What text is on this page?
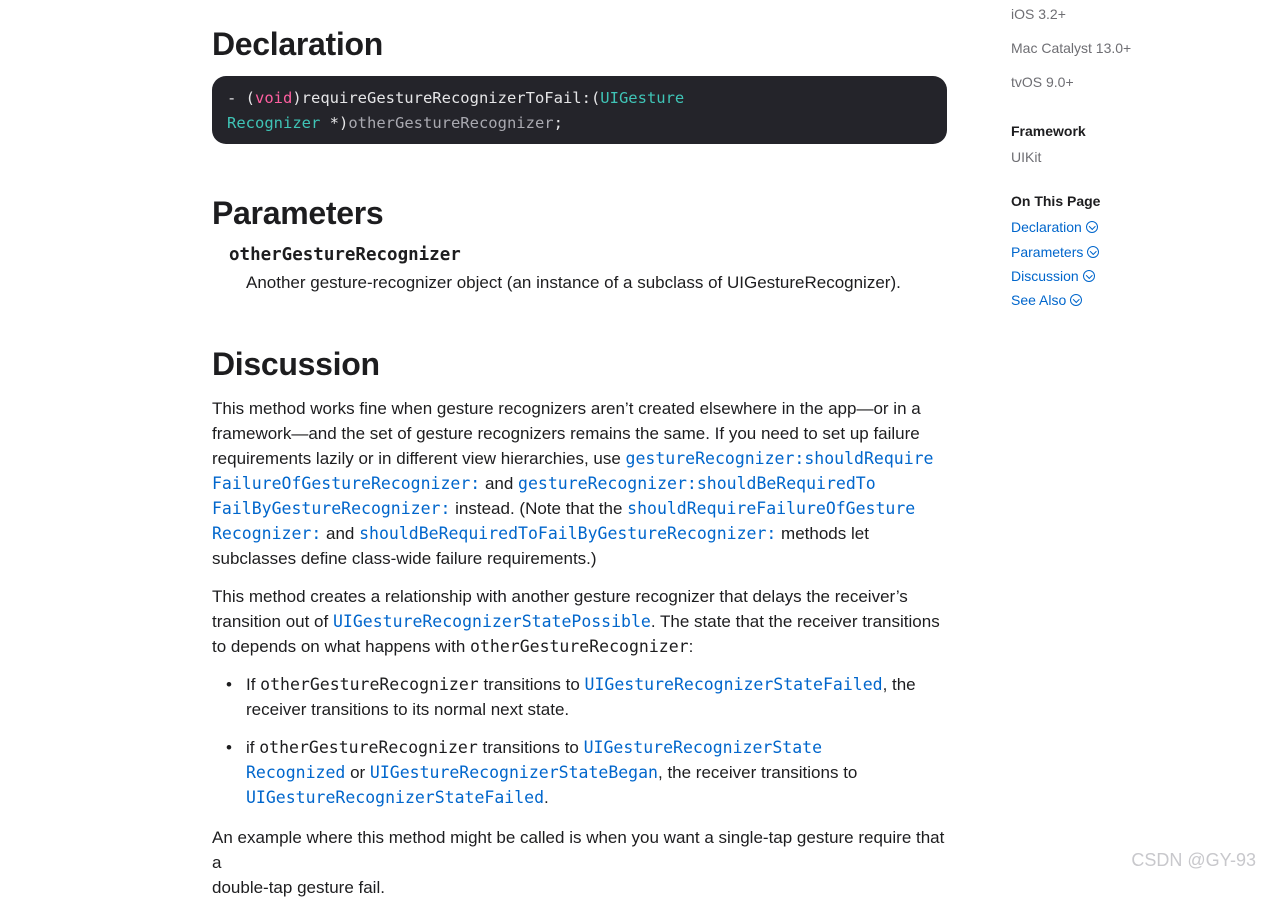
Declaration
- (void)requireGestureRecognizerToFail:(UIGesture
Recognizer *)otherGestureRecognizer;
Parameters
otherGestureRecognizer
Another gesture-recognizer object (an instance of a subclass of UIGestureRecognizer).
Discussion
This method works fine when gesture recognizers aren’t created elsewhere in the app—or in a
framework—and the set of gesture recognizers remains the same. If you need to set up failure
requirements lazily or in different view hierarchies, use gestureRecognizer:shouldRequire
FailureOfGestureRecognizer: and gestureRecognizer:shouldBeRequiredTo
FailByGestureRecognizer: instead. (Note that the shouldRequireFailureOfGesture
Recognizer: and shouldBeRequiredToFailByGestureRecognizer: methods let
subclasses define class-wide failure requirements.)
This method creates a relationship with another gesture recognizer that delays the receiver’s
transition out of UIGestureRecognizerStatePossible. The state that the receiver transitions
to depends on what happens with otherGestureRecognizer:
• If otherGestureRecognizer transitions to UIGestureRecognizerStateFailed, the
receiver transitions to its normal next state.
• if otherGestureRecognizer transitions to UIGestureRecognizerState
Recognized or UIGestureRecognizerStateBegan, the receiver transitions to
UIGestureRecognizerStateFailed.
An example where this method might be called is when you want a single-tap gesture require that a
double-tap gesture fail.
iOS 3.2+
Mac Catalyst 13.0+
tvOS 9.0+
Framework
UIKit
On This Page
Declaration
Parameters
Discussion
See Also
CSDN @GY-93
